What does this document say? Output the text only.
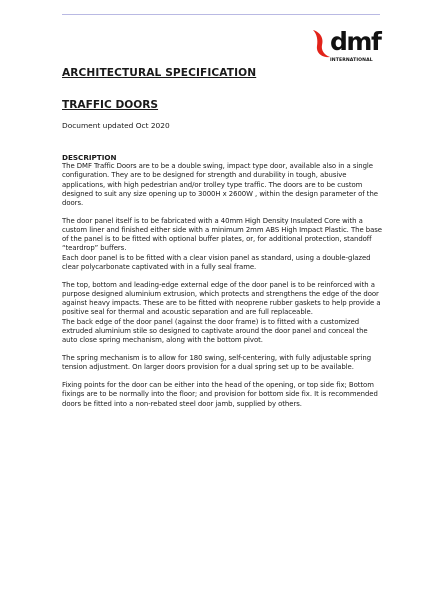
dmf
INTERNATIONAL
ARCHITECTURAL SPECIFICATION
TRAFFIC DOORS

Document updated Oct 2020

DESCRIPTION

The DMF Traffic Doors are to be a double swing, impact type door, available also in a single configuration. They are to be designed for strength and durability in tough, abusive applications, with high pedestrian and/or trolley type traffic. The doors are to be custom designed to suit any size opening up to 3000H x 2600W , within the design parameter of the doors.

The door panel itself is to be fabricated with a 40mm High Density Insulated Core with a custom liner and finished either side with a minimum 2mm ABS High Impact Plastic. The base of the panel is to be fitted with optional buffer plates, or, for additional protection, standoff “teardrop” buffers.

Each door panel is to be fitted with a clear vision panel as standard, using a double-glazed clear polycarbonate captivated with in a fully seal frame.

The top, bottom and leading-edge external edge of the door panel is to be reinforced with a purpose designed aluminium extrusion, which protects and strengthens the edge of the door against heavy impacts. These are to be fitted with neoprene rubber gaskets to help provide a positive seal for thermal and acoustic separation and are full replaceable.

The back edge of the door panel (against the door frame) is to fitted with a customized extruded aluminium stile so designed to captivate around the door panel and conceal the auto close spring mechanism, along with the bottom pivot.

The spring mechanism is to allow for 180 swing, self-centering, with fully adjustable spring tension adjustment. On larger doors provision for a dual spring set up to be available.

Fixing points for the door can be either into the head of the opening, or top side fix; Bottom fixings are to be normally into the floor; and provision for bottom side fix. It is recommended doors be fitted into a non-rebated steel door jamb, supplied by others.
